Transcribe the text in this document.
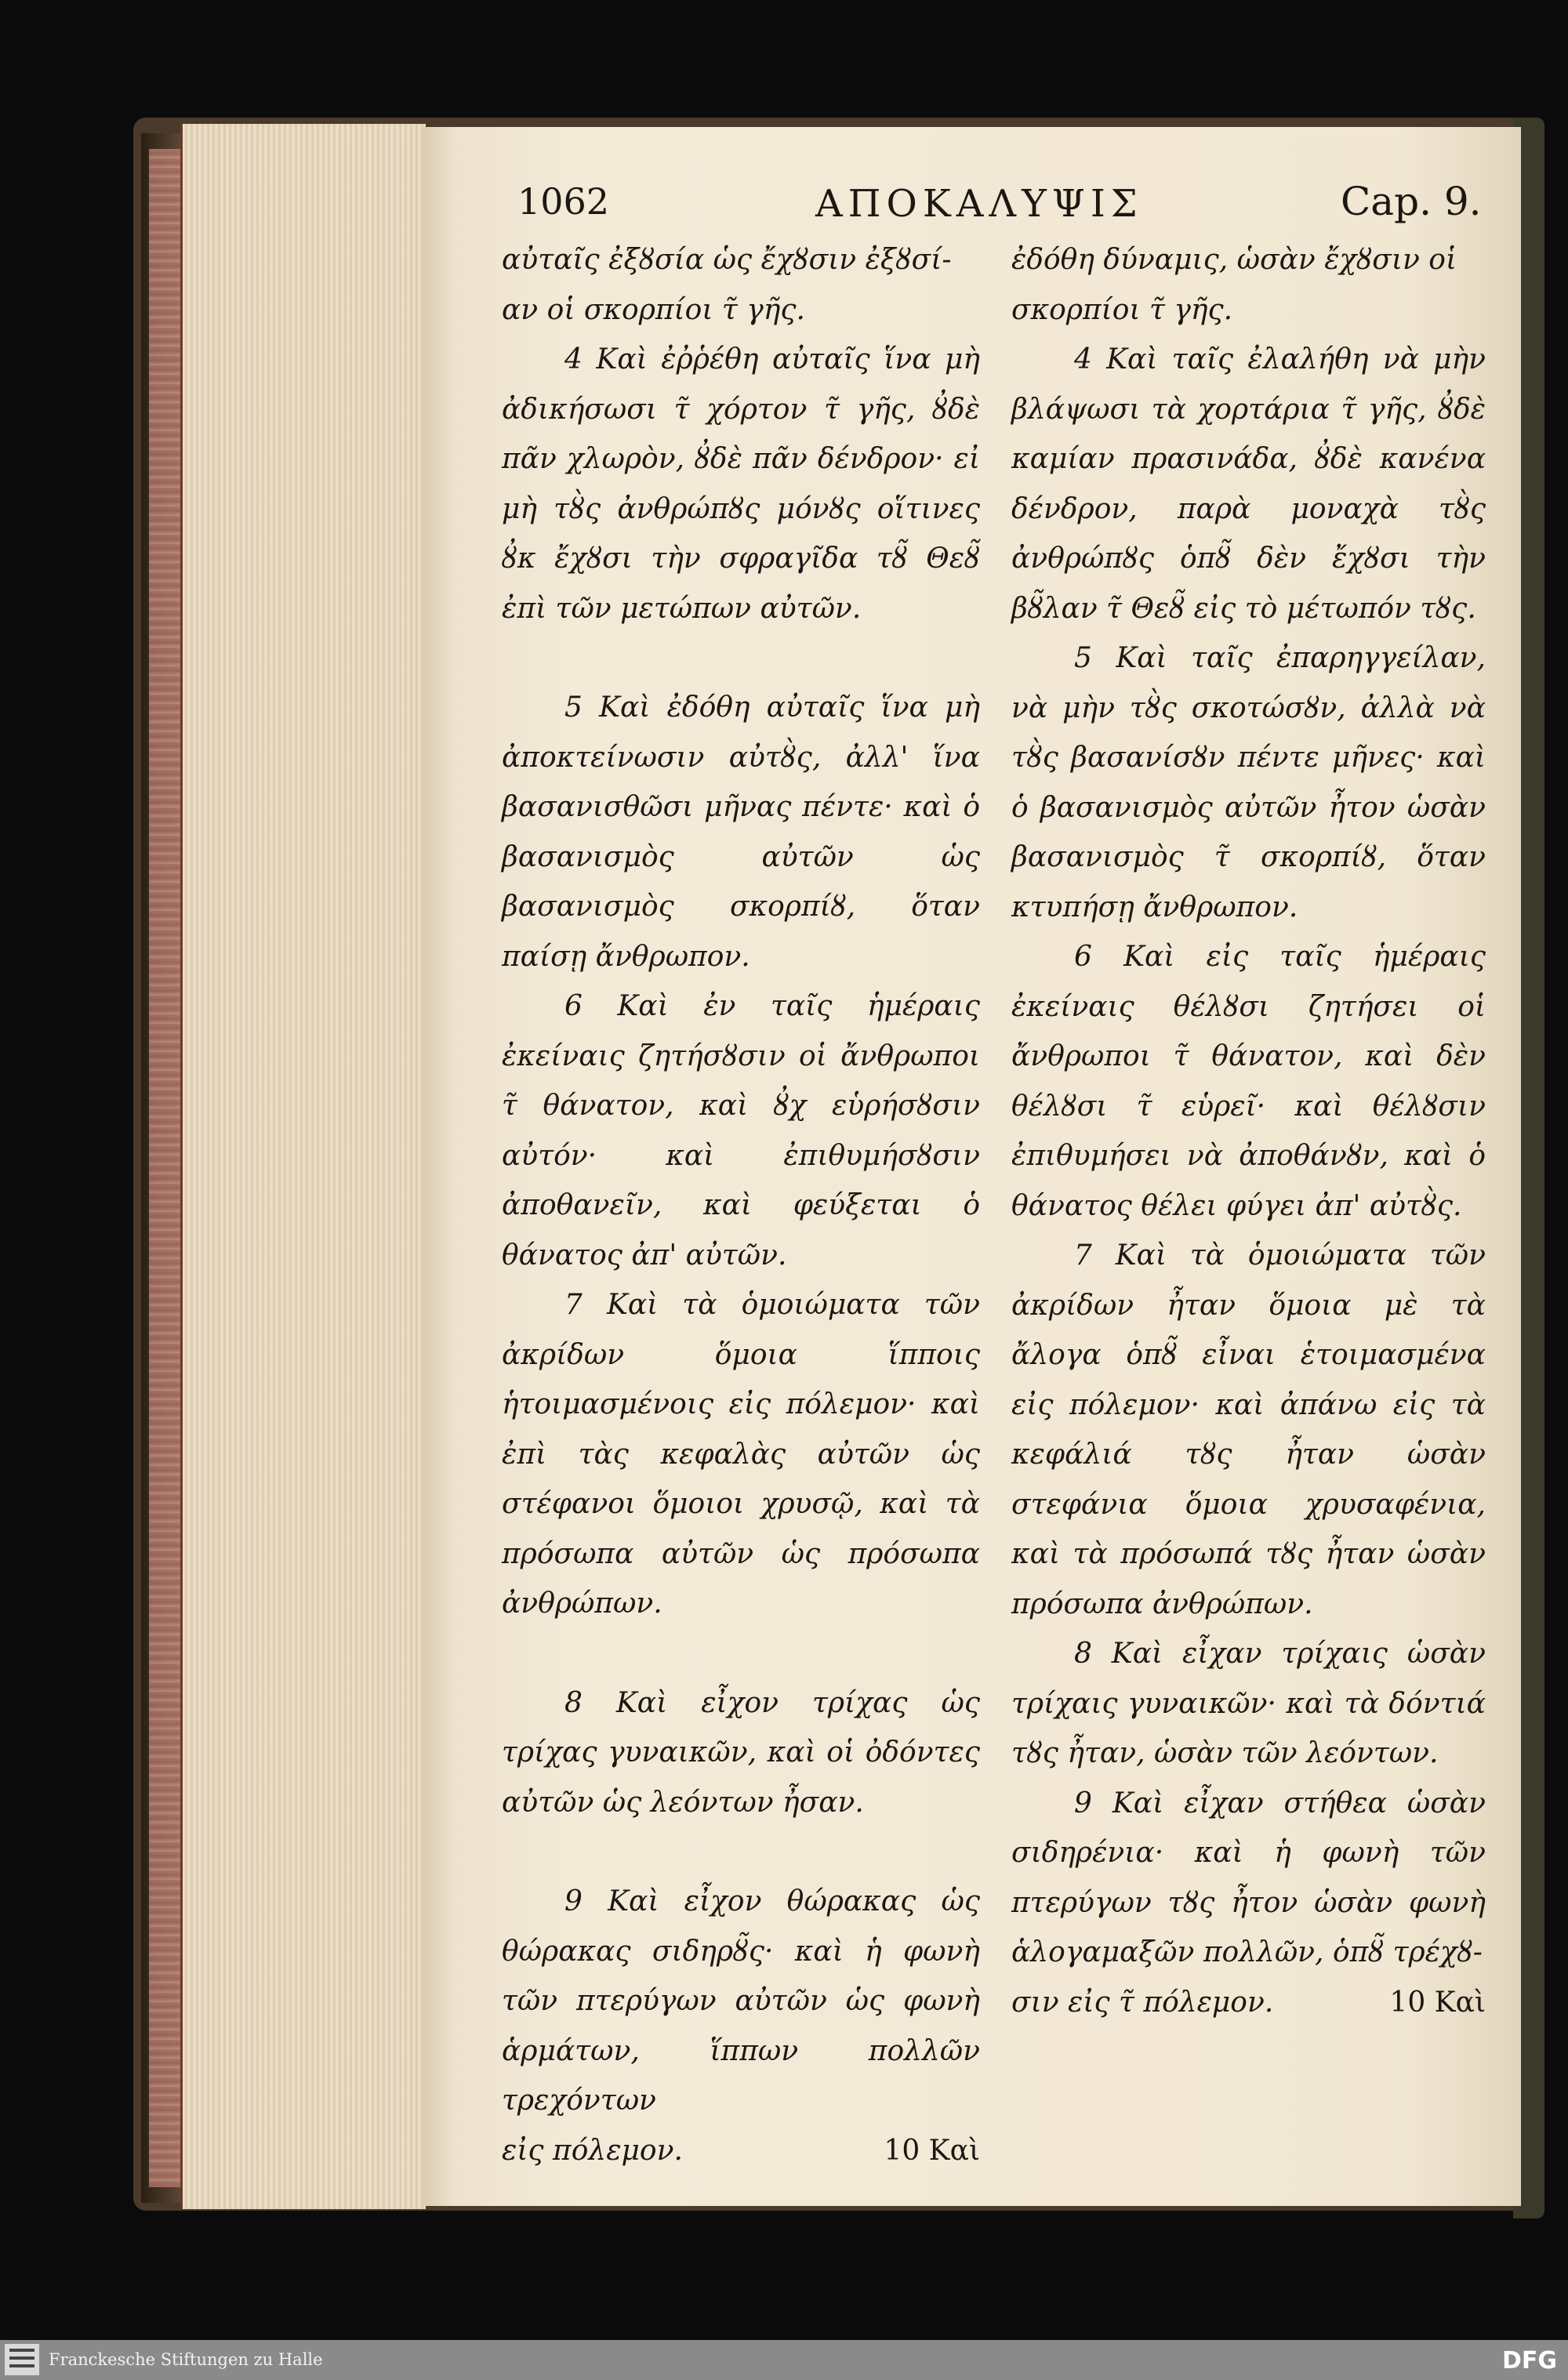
1062	ΑΠΟΚΑΛΥΨΙΣ	Cap. 9.

αὐταῖς ἐξȣσία ὡς ἔχȣσιν ἐξȣσί-

αν οἱ σκορπίοι τ̃ γῆς.

4 Καὶ ἐῤῥέθη αὐταῖς ἵνα μὴ ἀδικήσωσι τ̃ χόρτον τ̃ γῆς, ȣ̓δὲ πᾶν χλωρὸν, ȣ̓δὲ πᾶν δένδρον· εἰ μὴ τȣ̀ς ἀνθρώπȣς μόνȣς οἵτινες ȣ̓κ ἔχȣσι τὴν σφραγῖδα τȣ̃ Θεȣ̃ ἐπὶ τῶν μετώπων αὐτῶν.

5 Καὶ ἐδόθη αὐταῖς ἵνα μὴ ἀποκτείνωσιν αὐτȣ̀ς, ἀλλ' ἵνα βασανισθῶσι μῆνας πέντε· καὶ ὁ βασανισμὸς αὐτῶν ὡς βασανισμὸς σκορπίȣ, ὅταν παίσῃ ἄνθρωπον.

6 Καὶ ἐν ταῖς ἡμέραις ἐκείναις ζητήσȣσιν οἱ ἄνθρωποι τ̃ θάνατον, καὶ ȣ̓χ εὑρήσȣσιν αὐτόν· καὶ ἐπιθυμήσȣσιν ἀποθανεῖν, καὶ φεύξεται ὁ θάνατος ἀπ' αὐτῶν.

7 Καὶ τὰ ὁμοιώματα τῶν ἀκρίδων ὅμοια ἵπποις ἡτοιμασμένοις εἰς πόλεμον· καὶ ἐπὶ τὰς κεφαλὰς αὐτῶν ὡς στέφανοι ὅμοιοι χρυσῷ, καὶ τὰ πρόσωπα αὐτῶν ὡς πρόσωπα ἀνθρώπων.

8 Καὶ εἶχον τρίχας ὡς τρίχας γυναικῶν, καὶ οἱ ὀδόντες αὐτῶν ὡς λεόντων ἦσαν.

9 Καὶ εἶχον θώρακας ὡς θώρακας σιδηρȣ̃ς· καὶ ἡ φωνὴ τῶν πτερύγων αὐτῶν ὡς φωνὴ ἁρμάτων, ἵππων πολλῶν τρεχόντων

εἰς πόλεμον.	10 Καὶ

ἐδόθη δύναμις, ὡσὰν ἔχȣσιν οἱ

σκορπίοι τ̃ γῆς.

4 Καὶ ταῖς ἐλαλήθη νὰ μὴν βλάψωσι τὰ χορτάρια τ̃ γῆς, ȣ̓δὲ καμίαν πρασινάδα, ȣ̓δὲ κανένα δένδρον, παρὰ μοναχὰ τȣ̀ς ἀνθρώπȣς ὁπȣ̃ δὲν ἔχȣσι τὴν βȣ̃λαν τ̃ Θεȣ̃ εἰς τὸ μέτωπόν τȣς.

5 Καὶ ταῖς ἐπαρηγγείλαν, νὰ μὴν τȣ̀ς σκοτώσȣν, ἀλλὰ νὰ τȣ̀ς βασανίσȣν πέντε μῆνες· καὶ ὁ βασανισμὸς αὐτῶν ἦτον ὡσὰν βασανισμὸς τ̃ σκορπίȣ, ὅταν κτυπήσῃ ἄνθρωπον.

6 Καὶ εἰς ταῖς ἡμέραις ἐκείναις θέλȣσι ζητήσει οἱ ἄνθρωποι τ̃ θάνατον, καὶ δὲν θέλȣσι τ̃ εὑρεῖ· καὶ θέλȣσιν ἐπιθυμήσει νὰ ἀποθάνȣν, καὶ ὁ θάνατος θέλει φύγει ἀπ' αὐτȣ̀ς.

7 Καὶ τὰ ὁμοιώματα τῶν ἀκρίδων ἦταν ὅμοια μὲ τὰ ἄλογα ὁπȣ̃ εἶναι ἑτοιμασμένα εἰς πόλεμον· καὶ ἀπάνω εἰς τὰ κεφάλιά τȣς ἦταν ὡσὰν στεφάνια ὅμοια χρυσαφένια, καὶ τὰ πρόσωπά τȣς ἦταν ὡσὰν πρόσωπα ἀνθρώπων.

8 Καὶ εἶχαν τρίχαις ὡσὰν τρίχαις γυναικῶν· καὶ τὰ δόντιά τȣς ἦταν, ὡσὰν τῶν λεόντων.

9 Καὶ εἶχαν στήθεα ὡσὰν σιδηρένια· καὶ ἡ φωνὴ τῶν πτερύγων τȣς ἦτον ὡσὰν φωνὴ ἁλογαμαξῶν πολλῶν, ὁπȣ̃ τρέχȣ-

σιν εἰς τ̃ πόλεμον.	10 Καὶ
Franckesche Stiftungen zu Halle	DFG
